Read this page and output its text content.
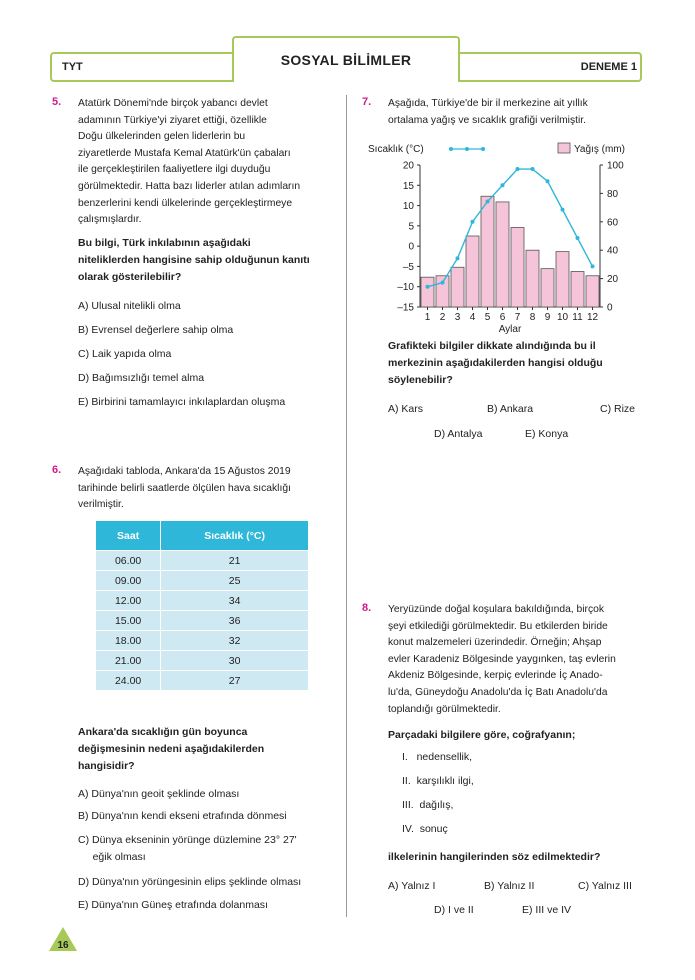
TYT	SOSYAL BİLİMLER	DENEME 1
5. Atatürk Dönemi'nde birçok yabancı devlet
adamının Türkiye'yi ziyaret ettiği, özellikle
Doğu ülkelerinden gelen liderlerin bu
ziyaretlerde Mustafa Kemal Atatürk'ün çabaları
ile gerçekleştirilen faaliyetlere ilgi duyduğu
görülmektedir. Hatta bazı liderler atılan adımların
benzerlerini kendi ülkelerinde gerçekleştirmeye
çalışmışlardır.
Bu bilgi, Türk inkılabının aşağıdaki
niteliklerden hangisine sahip olduğunun kanıtı
olarak gösterilebilir?
A) Ulusal nitelikli olma
B) Evrensel değerlere sahip olma
C) Laik yapıda olma
D) Bağımsızlığı temel alma
E) Birbirini tamamlayıcı inkılaplardan oluşma
6. Aşağıdaki tabloda, Ankara'da 15 Ağustos 2019
tarihinde belirli saatlerde ölçülen hava sıcaklığı
verilmiştir.
Saat	Sıcaklık (°C)
06.00	21
09.00	25
12.00	34
15.00	36
18.00	32
21.00	30
24.00	27
Ankara'da sıcaklığın gün boyunca
değişmesinin nedeni aşağıdakilerden
hangisidir?
A) Dünya'nın geoit şeklinde olması
B) Dünya'nın kendi ekseni etrafında dönmesi
C) Dünya ekseninin yörünge düzlemine 23° 27'
eğik olması
D) Dünya'nın yörüngesinin elips şeklinde olması
E) Dünya'nın Güneş etrafında dolanması
7. Aşağıda, Türkiye'de bir il merkezine ait yıllık
ortalama yağış ve sıcaklık grafiği verilmiştir.
20
15
10
5
0
–5
–10
–15
100
80
60
40
20
0
1 2 3 4 5 6 7 8 9 10 11 12
Aylar
Sıcaklık (°C)	Yağış (mm)
Grafikteki bilgiler dikkate alındığında bu il
merkezinin aşağıdakilerden hangisi olduğu
söylenebilir?
A) Kars	B) Ankara	C) Rize
D) Antalya	E) Konya
8. Yeryüzünde doğal koşulara bakıldığında, birçok
şeyi etkilediği görülmektedir. Bu etkilerden biride
konut malzemeleri üzerindedir. Örneğin; Ahşap
evler Karadeniz Bölgesinde yaygınken, taş evlerin
Akdeniz Bölgesinde, kerpiç evlerinde İç Anado-
lu'da, Güneydoğu Anadolu'da İç Batı Anadolu'da
toplandığı görülmektedir.
Parçadaki bilgilere göre, coğrafyanın;
I.   nedensellik,
II.  karşılıklı ilgi,
III.  dağılış,
IV.  sonuç
ilkelerinin hangilerinden söz edilmektedir?
A) Yalnız I	B) Yalnız II	C) Yalnız III
D) I ve II	E) III ve IV
16
